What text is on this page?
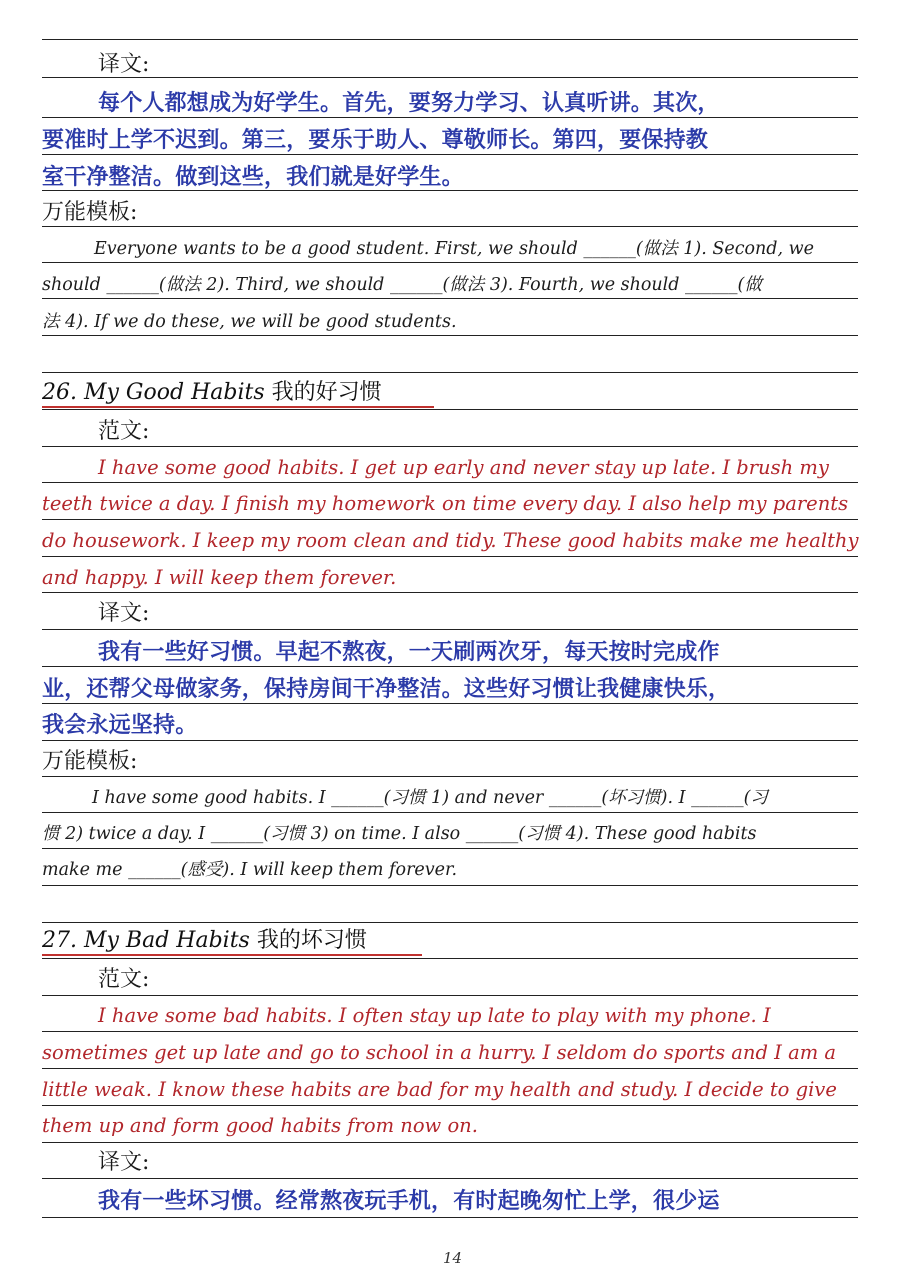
译文:
每个人都想成为好学生。首先，要努力学习、认真听讲。其次，
要准时上学不迟到。第三，要乐于助人、尊敬师长。第四，要保持教
室干净整洁。做到这些，我们就是好学生。
万能模板:
Everyone wants to be a good student. First, we should ______(做法 1). Second, we
should ______(做法 2). Third, we should ______(做法 3). Fourth, we should ______(做
法 4). If we do these, we will be good students.
26. My Good Habits 我的好习惯
范文:
I have some good habits. I get up early and never stay up late. I brush my
teeth twice a day. I finish my homework on time every day. I also help my parents
do housework. I keep my room clean and tidy. These good habits make me healthy
and happy. I will keep them forever.
译文:
我有一些好习惯。早起不熬夜，一天刷两次牙，每天按时完成作
业，还帮父母做家务，保持房间干净整洁。这些好习惯让我健康快乐，
我会永远坚持。
万能模板:
I have some good habits. I ______(习惯 1) and never ______(坏习惯). I ______(习
惯 2) twice a day. I ______(习惯 3) on time. I also ______(习惯 4). These good habits
make me ______(感受). I will keep them forever.
27. My Bad Habits 我的坏习惯
范文:
I have some bad habits. I often stay up late to play with my phone. I
sometimes get up late and go to school in a hurry. I seldom do sports and I am a
little weak. I know these habits are bad for my health and study. I decide to give
them up and form good habits from now on.
译文:
我有一些坏习惯。经常熬夜玩手机，有时起晚匆忙上学，很少运
14
